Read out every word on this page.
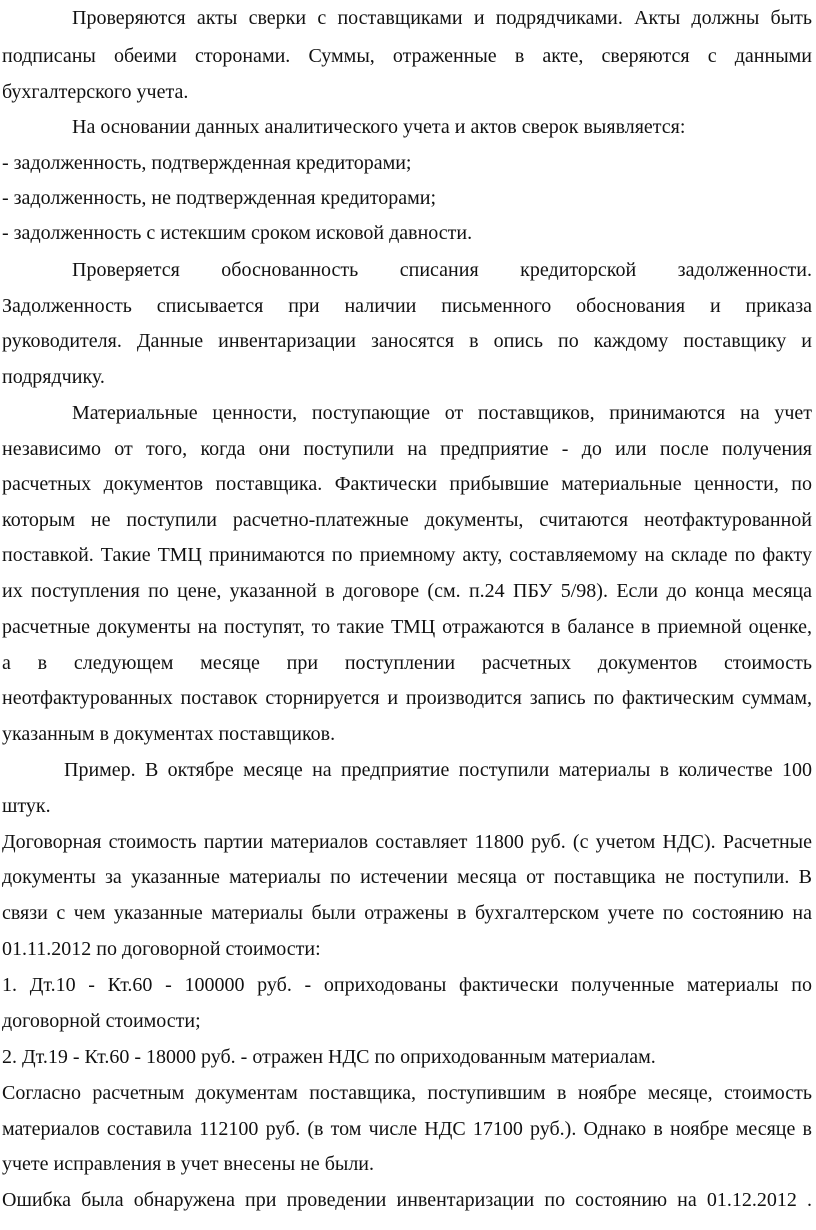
Проверяются акты сверки с поставщиками и подрядчиками. Акты должны быть
подписаны обеими сторонами. Суммы, отраженные в акте, сверяются с данными
бухгалтерского учета.
На основании данных аналитического учета и актов сверок выявляется:
- задолженность, подтвержденная кредиторами;
- задолженность, не подтвержденная кредиторами;
- задолженность с истекшим сроком исковой давности.
Проверяется обоснованность списания кредиторской задолженности.
Задолженность списывается при наличии письменного обоснования и приказа
руководителя. Данные инвентаризации заносятся в опись по каждому поставщику и
подрядчику.
Материальные ценности, поступающие от поставщиков, принимаются на учет
независимо от того, когда они поступили на предприятие - до или после получения
расчетных документов поставщика. Фактически прибывшие материальные ценности, по
которым не поступили расчетно-платежные документы, считаются неотфактурованной
поставкой. Такие ТМЦ принимаются по приемному акту, составляемому на складе по факту
их поступления по цене, указанной в договоре (см. п.24 ПБУ 5/98). Если до конца месяца
расчетные документы на поступят, то такие ТМЦ отражаются в балансе в приемной оценке,
а в следующем месяце при поступлении расчетных документов стоимость
неотфактурованных поставок сторнируется и производится запись по фактическим суммам,
указанным в документах поставщиков.
Пример. В октябре месяце на предприятие поступили материалы в количестве 100
штук.
Договорная стоимость партии материалов составляет 11800 руб. (с учетом НДС). Расчетные
документы за указанные материалы по истечении месяца от поставщика не поступили. В
связи с чем указанные материалы были отражены в бухгалтерском учете по состоянию на
01.11.2012 по договорной стоимости:
1. Дт.10 - Кт.60 - 100000 руб. - оприходованы фактически полученные материалы по
договорной стоимости;
2. Дт.19 - Кт.60 - 18000 руб. - отражен НДС по оприходованным материалам.
Согласно расчетным документам поставщика, поступившим в ноябре месяце, стоимость
материалов составила 112100 руб. (в том числе НДС 17100 руб.). Однако в ноябре месяце в
учете исправления в учет внесены не были.
Ошибка была обнаружена при проведении инвентаризации по состоянию на 01.12.2012 .
